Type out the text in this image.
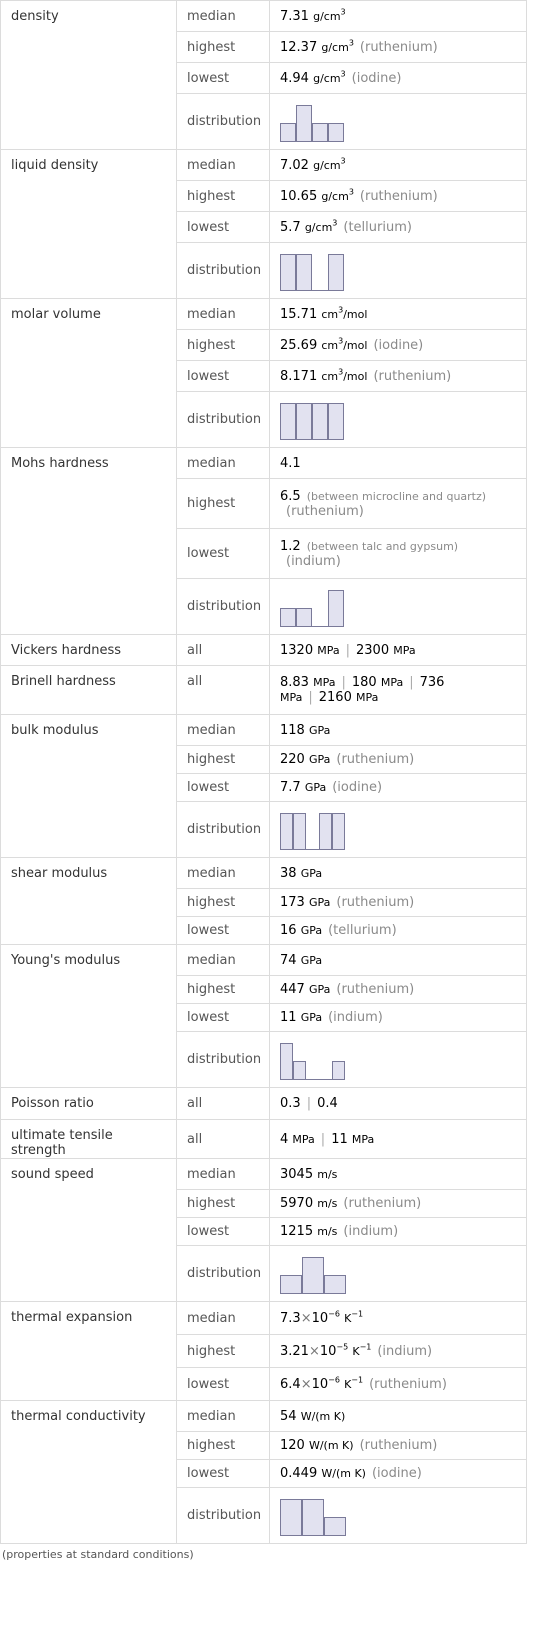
density	median	7.31 $g/cm^3$
	highest	12.37 $g/cm^3$ (ruthenium)
	lowest	4.94 $g/cm^3$ (iodine)
	distribution	

liquid density	median	7.02 $g/cm^3$
	highest	10.65 $g/cm^3$ (ruthenium)
	lowest	5.7 $g/cm^3$ (tellurium)
	distribution	

molar volume	median	15.71 $cm^3$/mol
	highest	25.69 $cm^3$/mol (iodine)
	lowest	8.171 $cm^3$/mol (ruthenium)
	distribution	

Mohs hardness	median	4.1
	highest	6.5 (between microcline and quartz)
(ruthenium)
	lowest	1.2 (between talc and gypsum)
(indium)
	distribution	

Vickers hardness	all	1320 MPa | 2300 MPa
Brinell hardness	all	8.83 MPa | 180 MPa | 736
MPa | 2160 MPa
bulk modulus	median	118 GPa
	highest	220 GPa (ruthenium)
	lowest	7.7 GPa (iodine)
	distribution	

shear modulus	median	38 GPa
	highest	173 GPa (ruthenium)
	lowest	16 GPa (tellurium)
Young's modulus	median	74 GPa
	highest	447 GPa (ruthenium)
	lowest	11 GPa (indium)
	distribution	

Poisson ratio	all	0.3 | 0.4
ultimate tensile strength	all	4 MPa | 11 MPa
sound speed	median	3045 m/s
	highest	5970 m/s (ruthenium)
	lowest	1215 m/s (indium)
	distribution	

thermal expansion	median	$7.3\times 10^{-6}$ $K^{-1}$
	highest	$3.21\times 10^{-5}$ $K^{-1}$ (indium)
	lowest	$6.4\times 10^{-6}$ $K^{-1}$ (ruthenium)
thermal conductivity	median	54 W/(m K)
	highest	120 W/(m K) (ruthenium)
	lowest	0.449 W/(m K) (iodine)
	distribution	
(properties at standard conditions)
